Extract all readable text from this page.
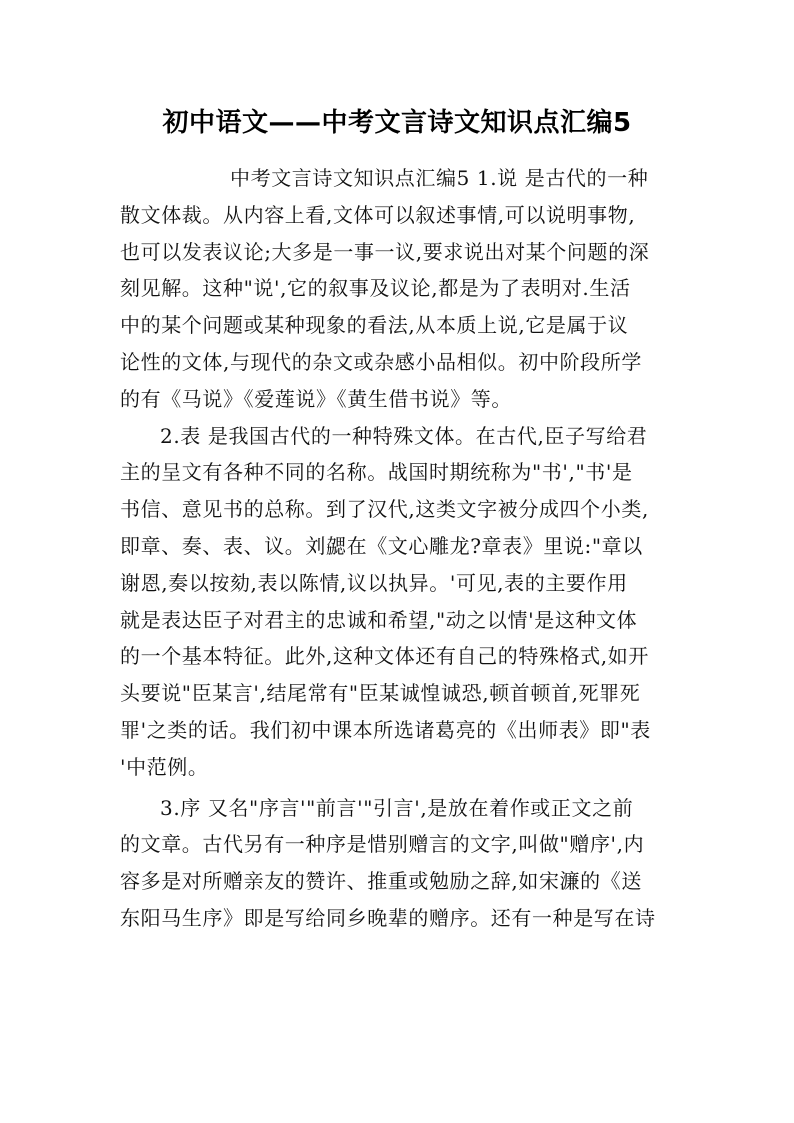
初中语文——中考文言诗文知识点汇编5
中考文言诗文知识点汇编5 1.说 是古代的一种
散文体裁。从内容上看,文体可以叙述事情,可以说明事物,
也可以发表议论;大多是一事一议,要求说出对某个问题的深
刻见解。这种"说',它的叙事及议论,都是为了表明对.生活
中的某个问题或某种现象的看法,从本质上说,它是属于议
论性的文体,与现代的杂文或杂感小品相似。初中阶段所学
的有《马说》《爱莲说》《黄生借书说》等。
2.表 是我国古代的一种特殊文体。在古代,臣子写给君
主的呈文有各种不同的名称。战国时期统称为"书',"书'是
书信、意见书的总称。到了汉代,这类文字被分成四个小类,
即章、奏、表、议。刘勰在《文心雕龙?章表》里说:"章以
谢恩,奏以按劾,表以陈情,议以执异。'可见,表的主要作用
就是表达臣子对君主的忠诚和希望,"动之以情'是这种文体
的一个基本特征。此外,这种文体还有自己的特殊格式,如开
头要说"臣某言',结尾常有"臣某诚惶诚恐,顿首顿首,死罪死
罪'之类的话。我们初中课本所选诸葛亮的《出师表》即"表
'中范例。
3.序 又名"序言'"前言'"引言',是放在着作或正文之前
的文章。古代另有一种序是惜别赠言的文字,叫做"赠序',内
容多是对所赠亲友的赞许、推重或勉励之辞,如宋濂的《送
东阳马生序》即是写给同乡晚辈的赠序。还有一种是写在诗
